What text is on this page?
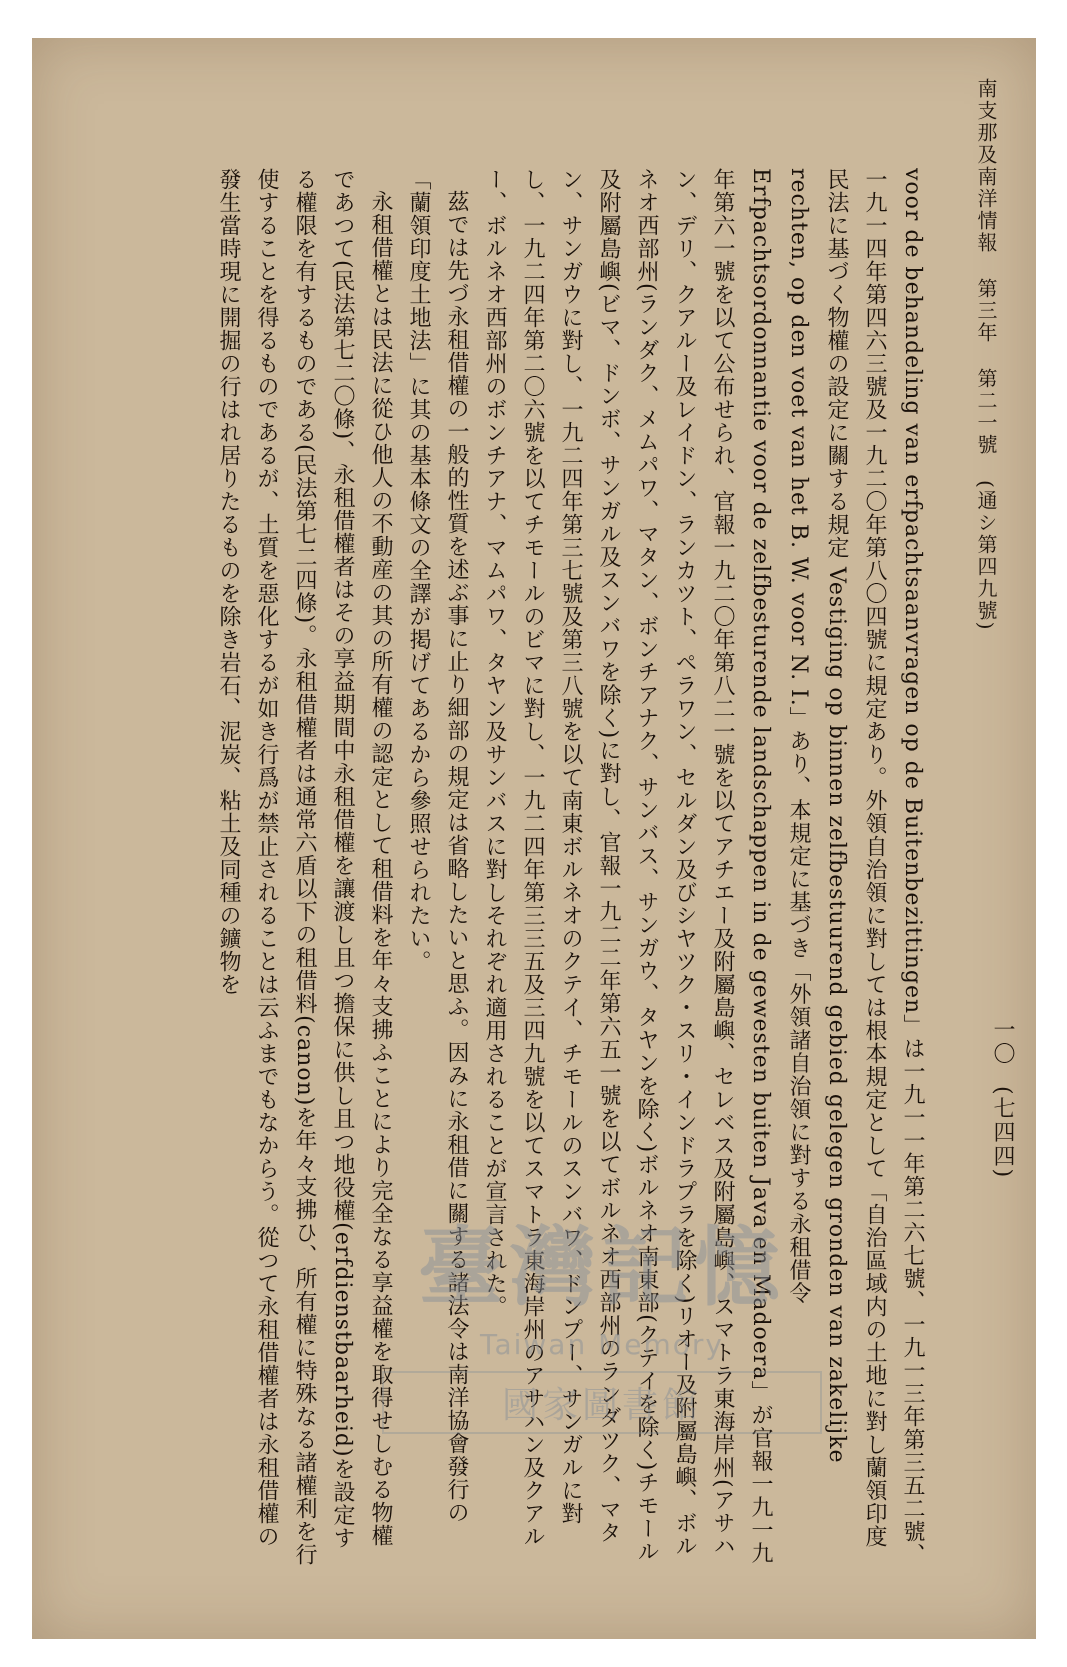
南支那及南洋情報
第三年
第二一號
(通シ第四九號)
一〇
(七四四)

voor de behandeling van erfpachtsaanvragen op de Buitenbezittingen」は一九一一年第二六七號、一九一三年第三五二號、一九一四年第四六三號及一九二〇年第八〇四號に規定あり。外領自治領に對しては根本規定として「自治區域内の土地に對し蘭領印度民法に基づく物權の設定に關する規定 Vestiging op binnen zelfbestuurend gebied gelegen gronden van zakelijke rechten, op den voet van het B. W. voor N. I.」あり、本規定に基づき「外領諸自治領に對する永租借令 Erfpachtsordonnantie voor de zelfbesturende landschappen in de gewesten buiten Java en Madoera」が官報一九一九年第六一號を以て公布せられ、官報一九二〇年第八二一號を以てアチエー及附屬島嶼、セレベス及附屬島嶼、スマトラ東海岸州(アサハン、デリ、クアルー及レイドン、ランカツト、ペラワン、セルダン及びシヤツク・スリ・インドラプラを除く)リオー及附屬島嶼、ボルネオ西部州(ランダク、メムパワ、マタン、ボンチアナク、サンバス、サンガウ、タヤンを除く)ボルネオ南東部(クテイを除く)チモール及附屬島嶼(ビマ、ドンボ、サンガル及スンバワを除く)に對し、官報一九二二年第六五一號を以てボルネオ西部州のランダツク、マタン、サンガウに對し、一九二四年第三七號及第三八號を以て南東ボルネオのクテイ、チモールのスンバワ、ドンプー、サンガルに對し、一九二四年第二〇六號を以てチモールのビマに對し、一九二四年第三三五及三四九號を以てスマトラ東海岸州のアサハン及クアルー、ボルネオ西部州のボンチアナ、マムパワ、タヤン及サンバスに對しそれぞれ適用されることが宣言された。

茲では先づ永租借權の一般的性質を述ぶ事に止り細部の規定は省略したいと思ふ。因みに永租借に關する諸法令は南洋協會發行の「蘭領印度土地法」に其の基本條文の全譯が掲げてあるから參照せられたい。

永租借權とは民法に從ひ他人の不動産の其の所有權の認定として租借料を年々支拂ふことにより完全なる享益權を取得せしむる物權であつて(民法第七二〇條)、永租借權者はその享益期間中永租借權を讓渡し且つ擔保に供し且つ地役權(erfdienstbaarheid)を設定する權限を有するものである(民法第七二四條)。永租借權者は通常六盾以下の租借料(canon)を年々支拂ひ、所有權に特殊なる諸權利を行使することを得るものであるが、土質を惡化するが如き行爲が禁止されることは云ふまでもなからう。從つて永租借權者は永租借權の發生當時現に開掘の行はれ居りたるものを除き岩石、泥炭、粘土及同種の鑛物を

臺灣記憶
Taiwan Memory
國家圖書館
